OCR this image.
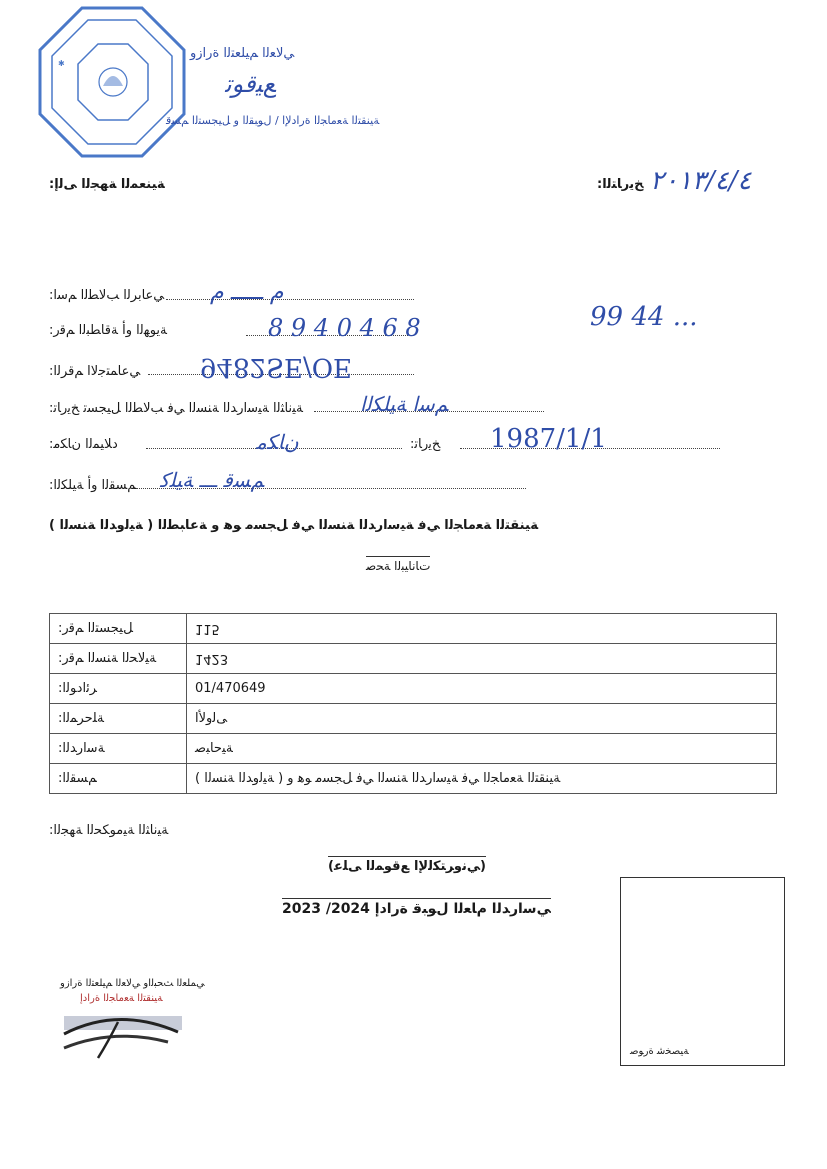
✱
ﻲﻟﺎﻌﻟﺍ ﻢﻴﻠﻌﺘﻟﺍ ﺓﺭﺍﺯﻭ
ﻊﻴﻗﻮﺗ
ﺔﻴﻨﻘﺘﻟﺍ ﺔﻌﻣﺎﺠﻟﺍ ﺓﺭﺍﺩﻹﺍ / ﻝﻮﺒﻘﻟﺍ ﻭ ﻞﻴﺠﺴﺘﻟﺍ ﻢﺴﻗ
:ﺔﻴﻨﻌﻤﻟﺍ ﺔﻬﺠﻟﺍ ﻰﻟﺇ	:ﺦﻳﺭﺎﺘﻟﺍ ٢٠١٣/٤/٤
:ﻲﻋﺎﺑﺮﻟﺍ ﺐﻟﺎﻄﻟﺍ ﻢﺳﺍ ﻡ ـــــ ﻡ
:ﺔﻳﻮﻬﻟﺍ ﻭﺃ ﺔﻗﺎﻄﺒﻟﺍ ﻢﻗﺭ	8 9 4 0 4 6 8	99 44 ...
:ﻲﻋﺎﻤﺘﺟﻻﺍ ﻢﻗﺮﻟﺍ 9482SE/OE
:ﺔﻴﻧﺎﺜﻟﺍ ﺔﻴﺳﺍﺭﺪﻟﺍ ﺔﻨﺴﻟﺍ ﻲﻓ ﺐﻟﺎﻄﻟﺍ ﻞﻴﺠﺴﺗ ﺦﻳﺭﺎﺗ	ﻢﺳﺍ ﺔﻴﻠﻜﻟﺍ
:ﺩﻼﻴﻤﻟﺍ ﻥﺎﻜﻣ	ﻥﺎﻜﻣ	:ﺦﻳﺭﺎﺗ 1987/1/1
:ﻢﺴﻘﻟﺍ ﻭﺃ ﺔﻴﻠﻜﻟﺍ ﻢﺴﻗ ـــ ﺔﻴﻠﻛ
( ﺔﻴﻟﻭﺪﻟﺍ ﺔﻨﺴﻟﺍ ) ﺔﻴﻨﻘﺘﻟﺍ ﺔﻌﻣﺎﺠﻟﺍ ﻲﻓ ﺔﻴﺳﺍﺭﺪﻟﺍ ﺔﻨﺴﻟﺍ ﻲﻓ ﻞﺠﺴﻣ ﻮﻫ ﻭ ﺔﻋﺎﺒﻄﻟﺍ
ﺕﺎﻧﺎﻴﺒﻟﺍ ﺔﺤﺻ
:ﻞﻴﺠﺴﺘﻟﺍ ﻢﻗﺭ	115
:ﺔﻴﻟﺎﺤﻟﺍ ﺔﻨﺴﻟﺍ ﻢﻗﺭ	1423
:ﺮﺋﺍﺩﻮﻟﺍ	01/470649
:ﺔﻠﺣﺮﻤﻟﺍ	ﻰﻟﻭﻷﺍ
:ﺔﺳﺍﺭﺪﻟﺍ	ﺔﻴﺣﺎﺒﺻ
:ﻢﺴﻘﻟﺍ	( ﺔﻴﻟﻭﺪﻟﺍ ﺔﻨﺴﻟﺍ ) ﺔﻴﻨﻘﺘﻟﺍ ﺔﻌﻣﺎﺠﻟﺍ ﻲﻓ ﺔﻴﺳﺍﺭﺪﻟﺍ ﺔﻨﺴﻟﺍ ﻲﻓ ﻞﺠﺴﻣ ﻮﻫ ﻭ
:ﺔﻴﻧﺎﺜﻟﺍ ﺔﻴﻣﻮﻜﺤﻟﺍ ﺔﻬﺠﻟﺍ
(ﻲﻧﻭﺮﺘﻜﻟﻹﺍ ﻊﻗﻮﻤﻟﺍ ﻰﻠﻋ)
2023 /2024 ﻲﺳﺍﺭﺪﻟﺍ ﻡﺎﻌﻟﺍ ﻝﻮﺒﻗ ﺓﺭﺍﺩﺇ
ﻲﻤﻠﻌﻟﺍ ﺚﺤﺒﻟﺍﻭ ﻲﻟﺎﻌﻟﺍ ﻢﻴﻠﻌﺘﻟﺍ ﺓﺭﺍﺯﻭ
ﺔﻴﻨﻘﺘﻟﺍ ﺔﻌﻣﺎﺠﻟﺍ ﺓﺭﺍﺩﺇ
ﺔﻴﺼﺨﺷ ﺓﺭﻮﺻ
